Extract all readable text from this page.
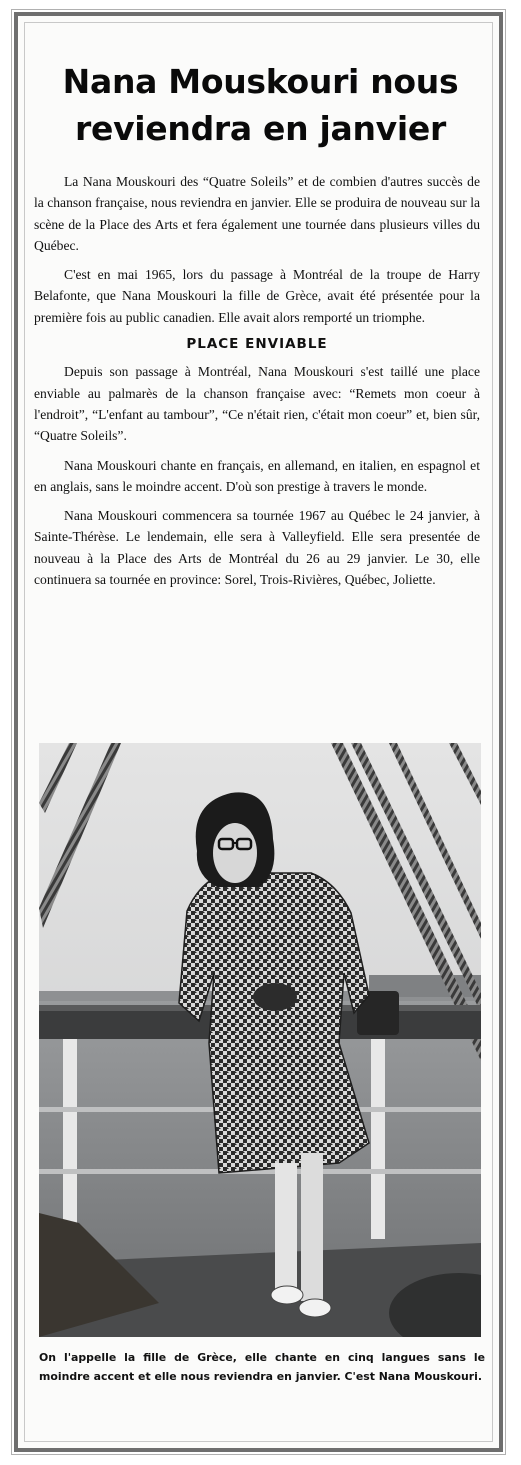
Nana Mouskouri nous
reviendra en janvier

La Nana Mouskouri des “Quatre Soleils” et de combien d'autres succès de la chanson française, nous reviendra en janvier. Elle se produira de nouveau sur la scène de la Place des Arts et fera également une tournée dans plusieurs villes du Québec.

C'est en mai 1965, lors du passage à Montréal de la troupe de Harry Belafonte, que Nana Mouskouri la fille de Grèce, avait été présentée pour la première fois au public canadien. Elle avait alors remporté un triomphe.

PLACE ENVIABLE

Depuis son passage à Montréal, Nana Mouskouri s'est taillé une place enviable au palmarès de la chanson française avec: “Remets mon coeur à l'endroit”, “L'enfant au tambour”, “Ce n'était rien, c'était mon coeur” et, bien sûr, “Quatre Soleils”.

Nana Mouskouri chante en français, en allemand, en italien, en espagnol et en anglais, sans le moindre accent. D'où son prestige à travers le monde.

Nana Mouskouri commencera sa tournée 1967 au Québec le 24 janvier, à Sainte-Thérèse. Le lendemain, elle sera à Valleyfield. Elle sera presentée de nouveau à la Place des Arts de Montréal du 26 au 29 janvier. Le 30, elle continuera sa tournée en province: Sorel, Trois-Rivières, Québec, Joliette.

On l'appelle la fille de Grèce, elle chante en cinq langues sans le moindre accent et elle nous reviendra en janvier. C'est Nana Mouskouri.
